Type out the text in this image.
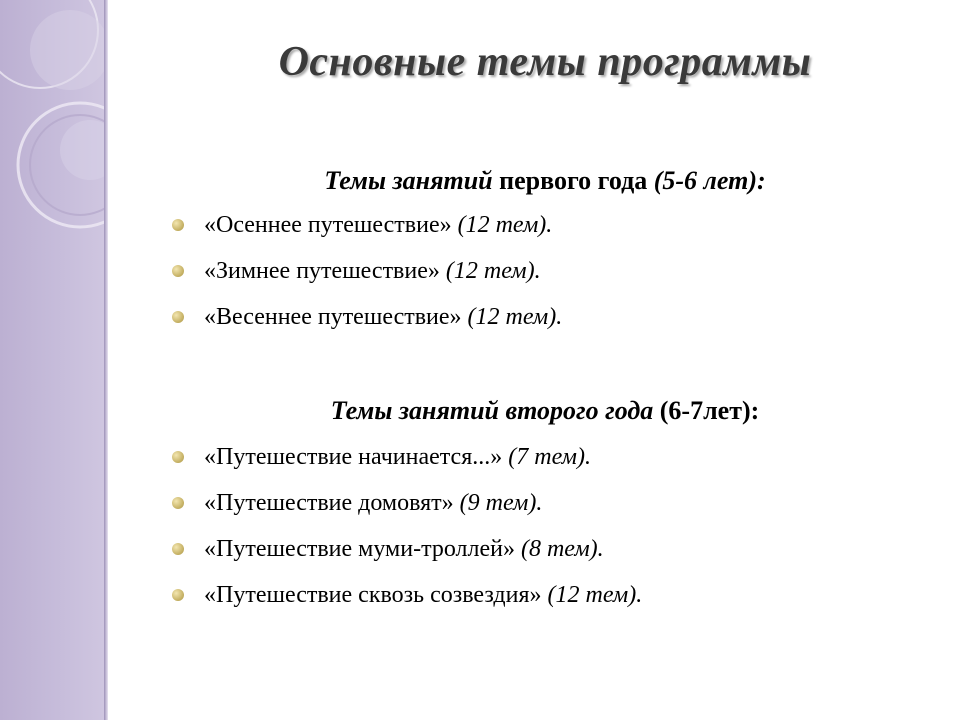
Основные темы программы
Темы занятий первого года (5-6 лет):
«Осеннее путешествие» (12 тем).
«Зимнее путешествие» (12 тем).
«Весеннее путешествие» (12 тем).
Темы занятий второго года (6-7лет):
«Путешествие начинается...» (7 тем).
«Путешествие домовят» (9 тем).
«Путешествие муми-троллей» (8 тем).
«Путешествие сквозь созвездия» (12 тем).
